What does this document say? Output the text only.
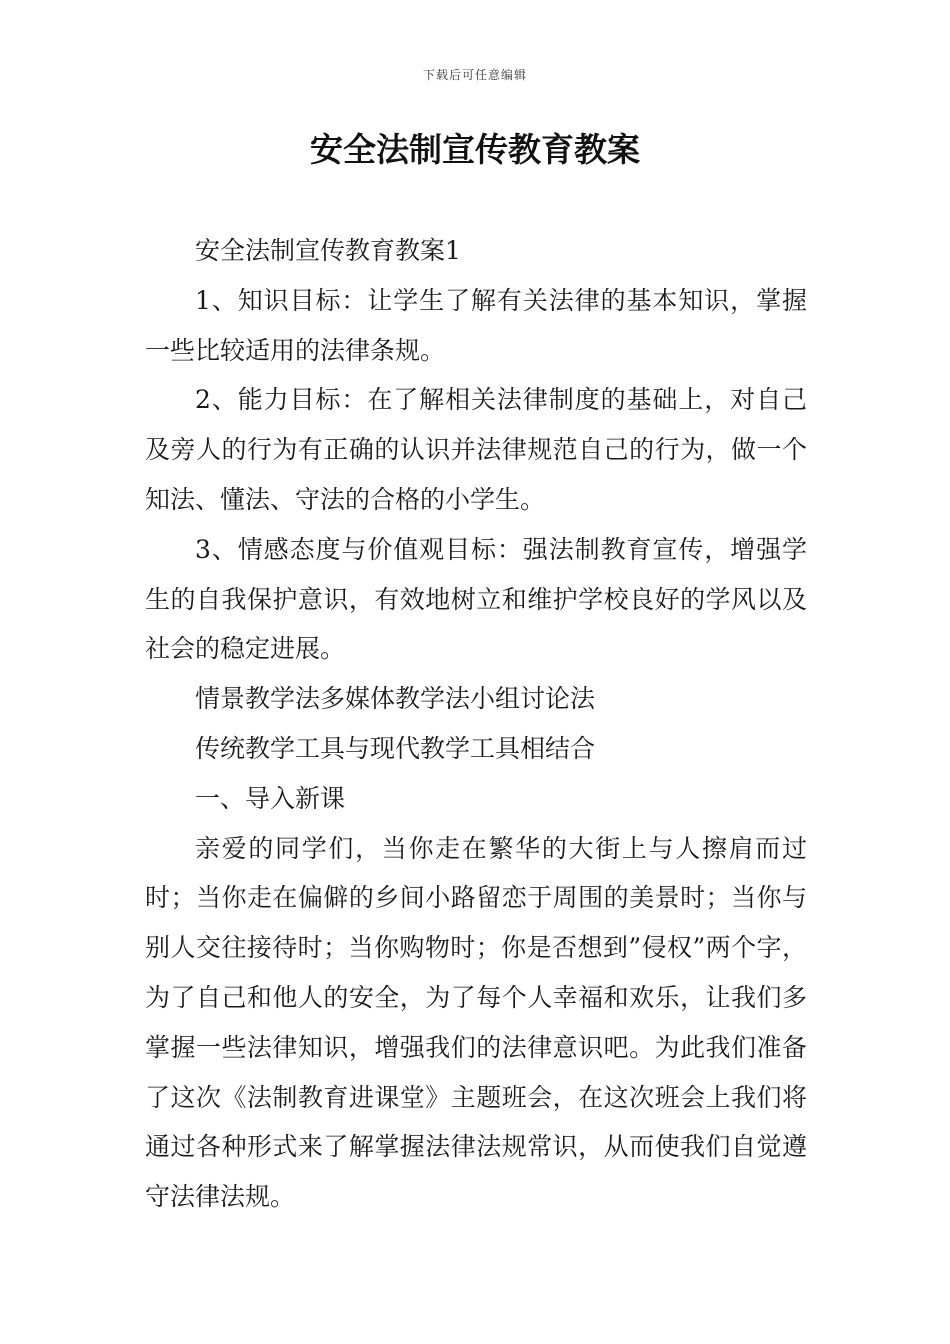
下载后可任意编辑
安全法制宣传教育教案

安全法制宣传教育教案1

1、知识目标：让学生了解有关法律的基本知识，掌握一些比较适用的法律条规。

2、能力目标：在了解相关法律制度的基础上，对自己及旁人的行为有正确的认识并法律规范自己的行为，做一个知法、懂法、守法的合格的小学生。

3、情感态度与价值观目标：强法制教育宣传，增强学生的自我保护意识，有效地树立和维护学校良好的学风以及社会的稳定进展。

情景教学法多媒体教学法小组讨论法

传统教学工具与现代教学工具相结合

一、导入新课

亲爱的同学们，当你走在繁华的大街上与人擦肩而过时；当你走在偏僻的乡间小路留恋于周围的美景时；当你与别人交往接待时；当你购物时；你是否想到”侵权”两个字，为了自己和他人的安全，为了每个人幸福和欢乐，让我们多掌握一些法律知识，增强我们的法律意识吧。为此我们准备了这次《法制教育进课堂》主题班会，在这次班会上我们将通过各种形式来了解掌握法律法规常识，从而使我们自觉遵守法律法规。
